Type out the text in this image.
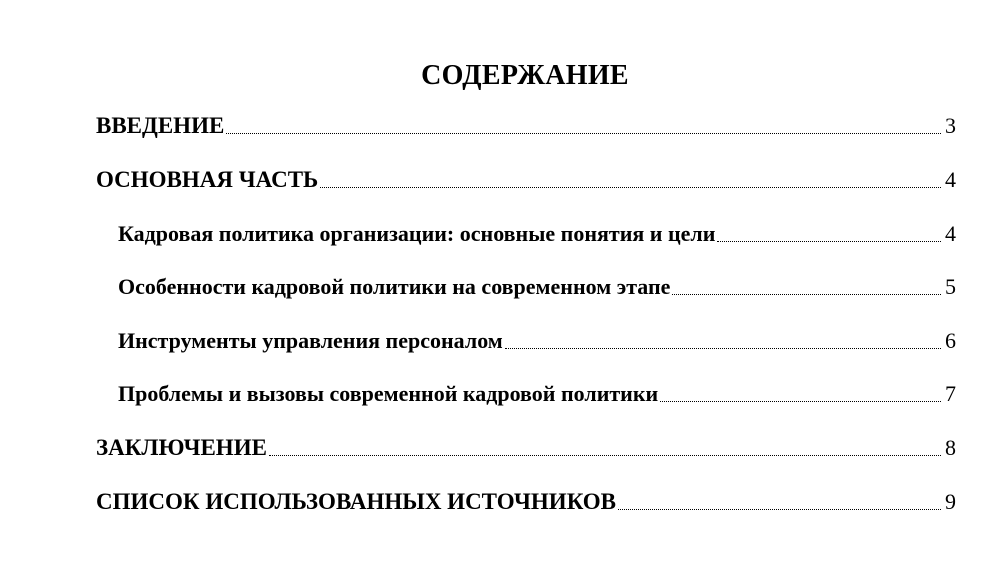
СОДЕРЖАНИЕ
ВВЕДЕНИЕ	3
ОСНОВНАЯ ЧАСТЬ	4
Кадровая политика организации: основные понятия и цели	4
Особенности кадровой политики на современном этапе	5
Инструменты управления персоналом	6
Проблемы и вызовы современной кадровой политики	7
ЗАКЛЮЧЕНИЕ	8
СПИСОК ИСПОЛЬЗОВАННЫХ ИСТОЧНИКОВ	9
